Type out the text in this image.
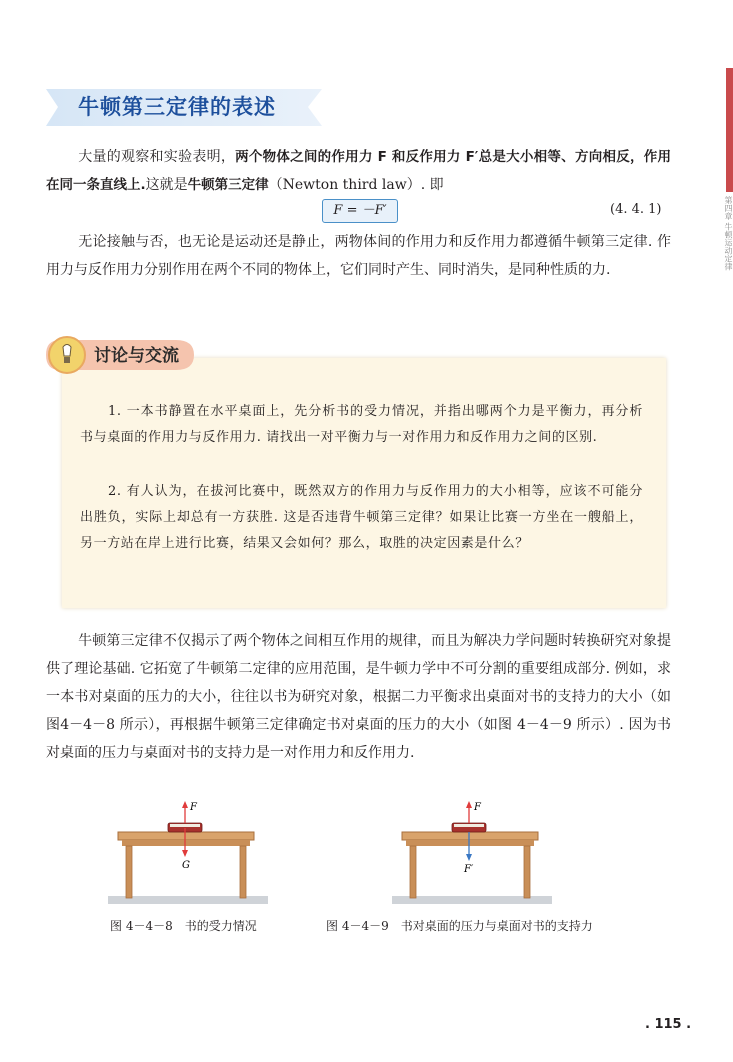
第四章 牛顿运动定律
牛顿第三定律的表述
大量的观察和实验表明，两个物体之间的作用力 F 和反作用力 F′总是大小相等、方向相反，作用在同一条直线上.这就是牛顿第三定律（Newton third law）. 即
F = －F′	(4. 4. 1)
无论接触与否，也无论是运动还是静止，两物体间的作用力和反作用力都遵循牛顿第三定律. 作用力与反作用力分别作用在两个不同的物体上，它们同时产生、同时消失，是同种性质的力.
讨论与交流
1. 一本书静置在水平桌面上，先分析书的受力情况，并指出哪两个力是平衡力，再分析书与桌面的作用力与反作用力. 请找出一对平衡力与一对作用力和反作用力之间的区别.
2. 有人认为，在拔河比赛中，既然双方的作用力与反作用力的大小相等，应该不可能分出胜负，实际上却总有一方获胜. 这是否违背牛顿第三定律？如果让比赛一方坐在一艘船上，另一方站在岸上进行比赛，结果又会如何？那么，取胜的决定因素是什么？
牛顿第三定律不仅揭示了两个物体之间相互作用的规律，而且为解决力学问题时转换研究对象提供了理论基础. 它拓宽了牛顿第二定律的应用范围，是牛顿力学中不可分割的重要组成部分. 例如，求一本书对桌面的压力的大小，往往以书为研究对象，根据二力平衡求出桌面对书的支持力的大小（如图4－4－8 所示），再根据牛顿第三定律确定书对桌面的压力的大小（如图 4－4－9 所示）. 因为书对桌面的压力与桌面对书的支持力是一对作用力和反作用力.
F
G
F
F′
图 4－4－8　书的受力情况	图 4－4－9　书对桌面的压力与桌面对书的支持力
. 115 .
